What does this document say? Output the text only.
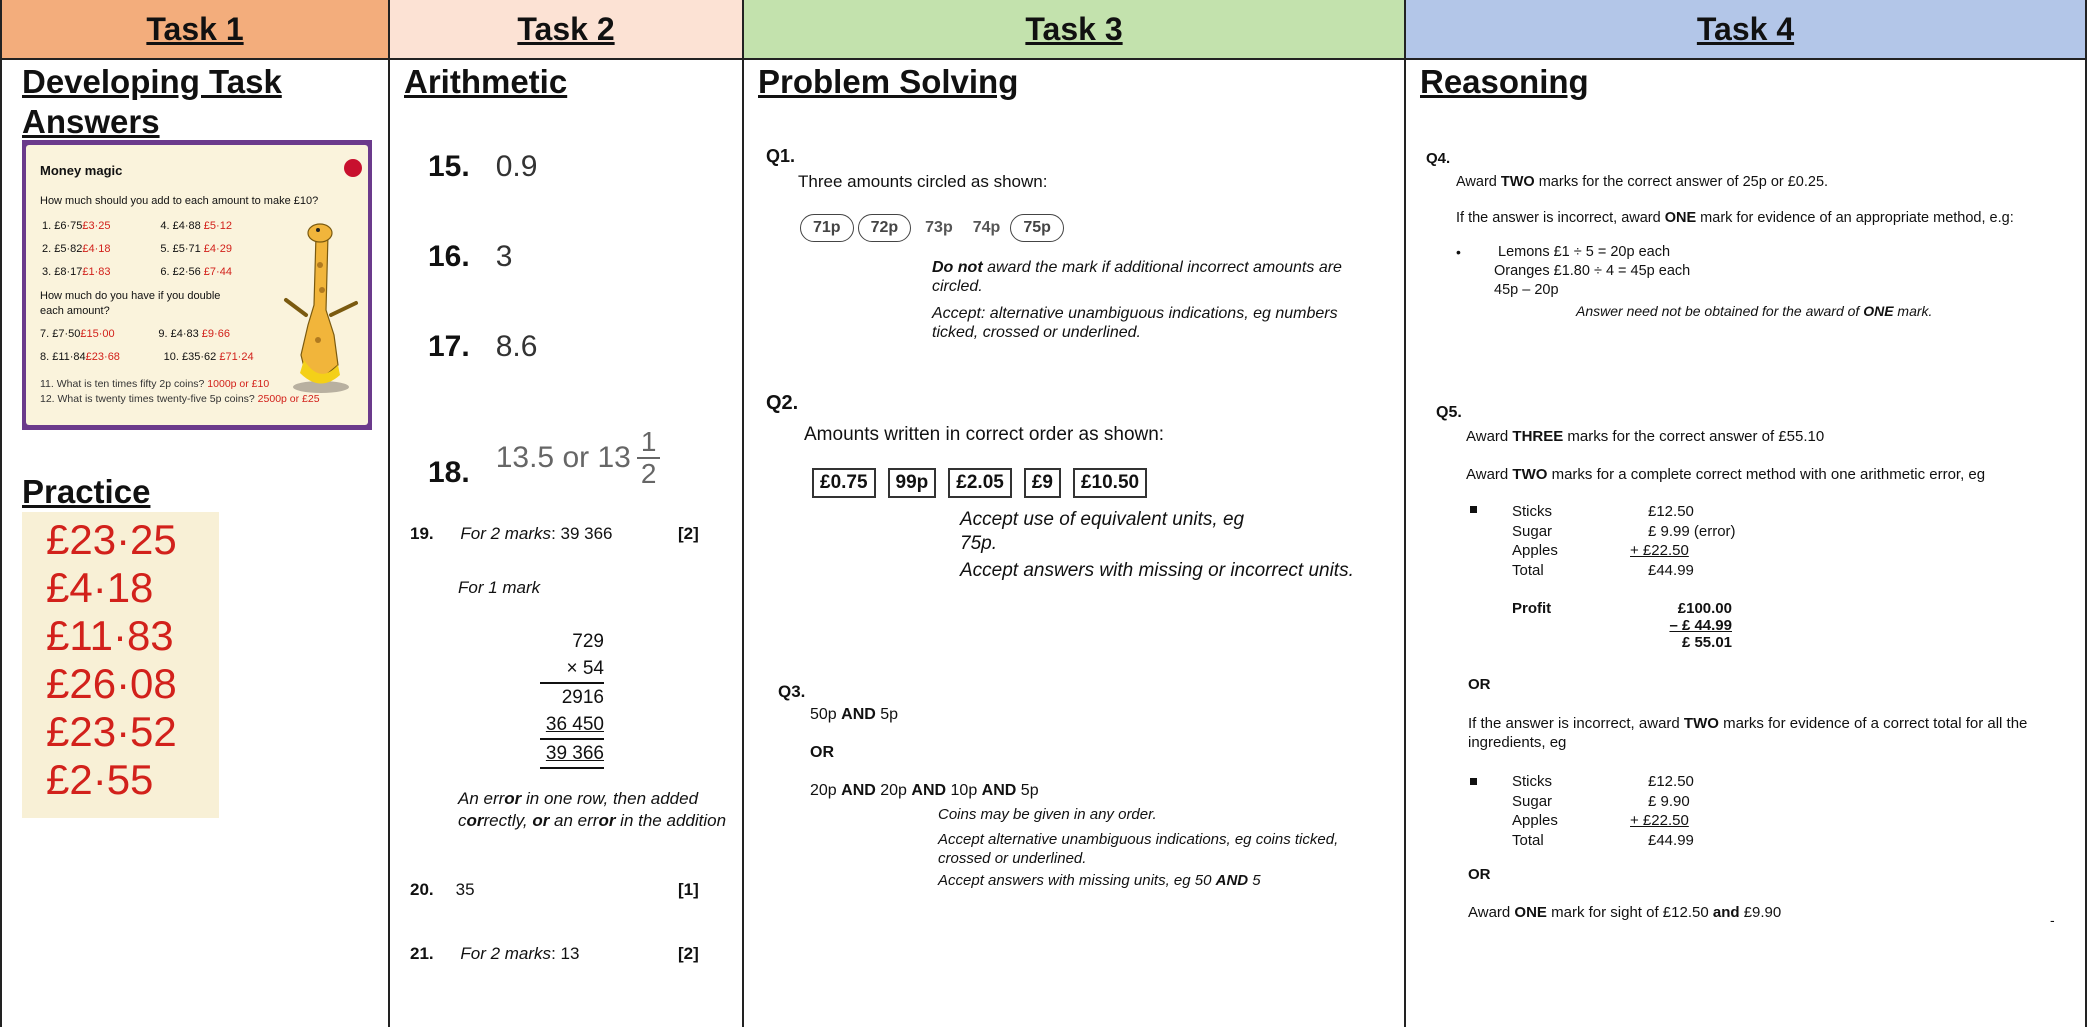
Task 1	Task 2	Task 3	Task 4
Developing Task Answers
Money magic
How much should you add to each amount to make £10?
1. £6·75£3·25	4. £4·88 £5·12
2. £5·82£4·18	5. £5·71 £4·29
3. £8·17£1·83	6. £2·56 £7·44
How much do you have if you double each amount?
7. £7·50£15·00	9. £4·83 £9·66
8. £11·84£23·68	10. £35·62 £71·24
11. What is ten times fifty 2p coins? 1000p or £10
12. What is twenty times twenty-five 5p coins? 2500p or £25
Practice
£23·25
£4·18
£11·83
£26·08
£23·52
£2·55
Arithmetic
15. 0.9
16. 3
17. 8.6
18. 13.5 or 13 1
2
19. For 2 marks: 39 366	[2]
For 1 mark
729
× 54
2916
36 450
39 366
An error in one row, then added correctly, or an error in the addition
20. 35	[1]
21. For 2 marks: 13	[2]
Problem Solving
Q1.
Three amounts circled as shown:
71p 72p 73p 74p 75p
Do not award the mark if additional incorrect amounts are circled.
Accept: alternative unambiguous indications, eg numbers ticked, crossed or underlined.
Q2.
Amounts written in correct order as shown:
£0.75 99p £2.05 £9 £10.50
Accept use of equivalent units, eg 75p.
Accept answers with missing or incorrect units.
Q3.
50p AND 5p
OR
20p AND 20p AND 10p AND 5p
Coins may be given in any order.
Accept alternative unambiguous indications, eg coins ticked, crossed or underlined.
Accept answers with missing units, eg 50 AND 5
Reasoning
Q4.
Award TWO marks for the correct answer of 25p or £0.25.
If the answer is incorrect, award ONE mark for evidence of an appropriate method, e.g:
•	Lemons £1 ÷ 5 = 20p each
Oranges £1.80 ÷ 4 = 45p each
45p – 20p
Answer need not be obtained for the award of ONE mark.
Q5.
Award THREE marks for the correct answer of £55.10
Award TWO marks for a complete correct method with one arithmetic error, eg
Sticks	£12.50
Sugar	£ 9.99 (error)
Apples	+ £22.50
Total	£44.99
Profit	£100.00
– £ 44.99
£ 55.01
OR
If the answer is incorrect, award TWO marks for evidence of a correct total for all the ingredients, eg
Sticks	£12.50
Sugar	£ 9.90
Apples	+ £22.50
Total	£44.99
OR
Award ONE mark for sight of £12.50 and £9.90	-
